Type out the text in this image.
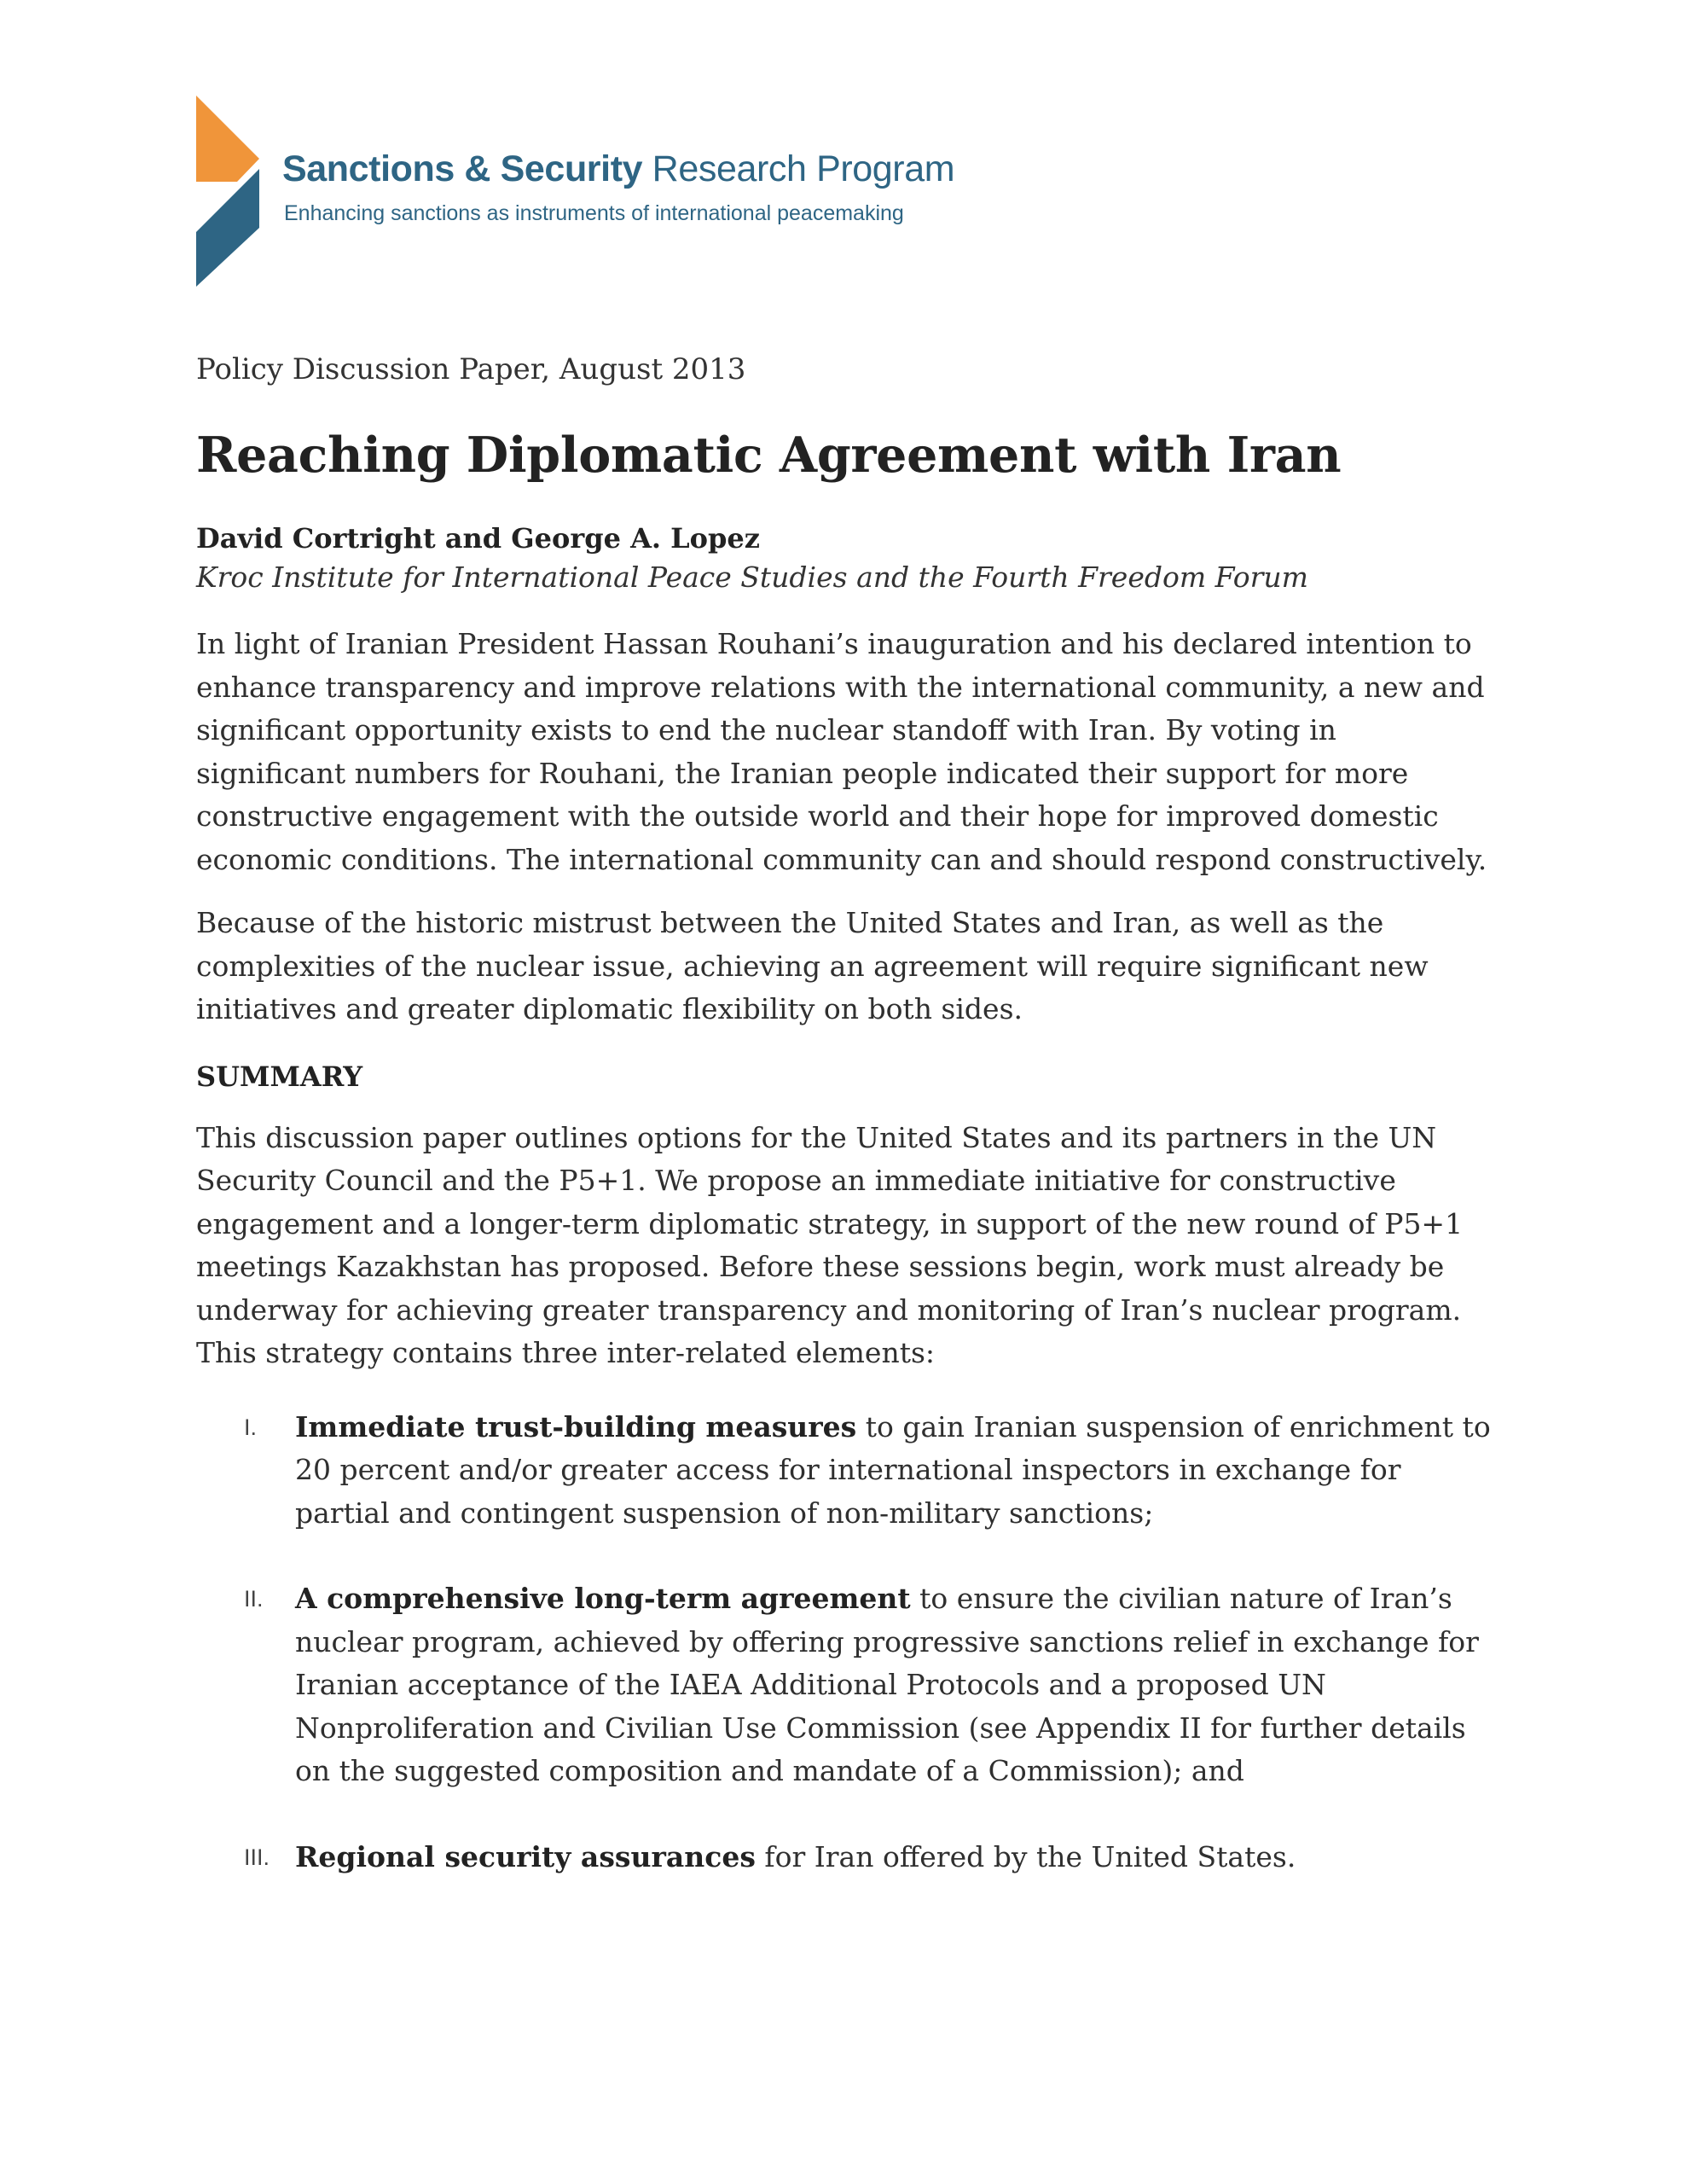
Sanctions & Security Research Program
Enhancing sanctions as instruments of international peacemaking

Policy Discussion Paper, August 2013

Reaching Diplomatic Agreement with Iran

David Cortright and George A. Lopez

Kroc Institute for International Peace Studies and the Fourth Freedom Forum

In light of Iranian President Hassan Rouhani’s inauguration and his declared intention to enhance transparency and improve relations with the international community, a new and significant opportunity exists to end the nuclear standoff with Iran. By voting in significant numbers for Rouhani, the Iranian people indicated their support for more constructive engagement with the outside world and their hope for improved domestic economic conditions. The international community can and should respond constructively.

Because of the historic mistrust between the United States and Iran, as well as the complexities of the nuclear issue, achieving an agreement will require significant new initiatives and greater diplomatic flexibility on both sides.

SUMMARY

This discussion paper outlines options for the United States and its partners in the UN Security Council and the P5+1. We propose an immediate initiative for constructive engagement and a longer-term diplomatic strategy, in support of the new round of P5+1 meetings Kazakhstan has proposed. Before these sessions begin, work must already be underway for achieving greater transparency and monitoring of Iran’s nuclear program. This strategy contains three inter-related elements:

I. Immediate trust-building measures to gain Iranian suspension of enrichment to 20 percent and/or greater access for international inspectors in exchange for partial and contingent suspension of non-military sanctions;
II. A comprehensive long-term agreement to ensure the civilian nature of Iran’s nuclear program, achieved by offering progressive sanctions relief in exchange for Iranian acceptance of the IAEA Additional Protocols and a proposed UN Nonproliferation and Civilian Use Commission (see Appendix II for further details on the suggested composition and mandate of a Commission); and
III. Regional security assurances for Iran offered by the United States.
